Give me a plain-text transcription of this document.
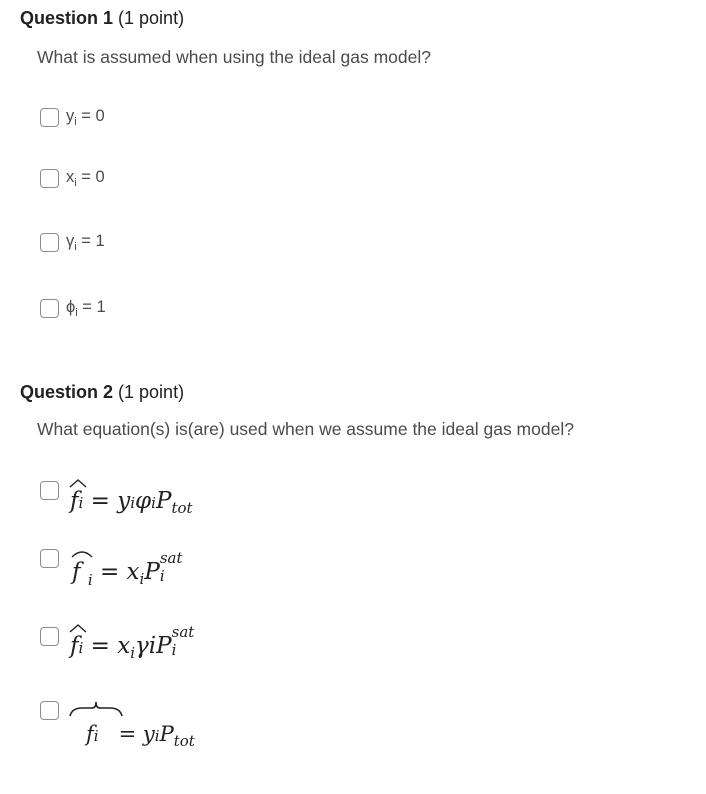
Question 1 (1 point)
What is assumed when using the ideal gas model?
$y_i = 0$
$x_i = 0$
$\gamma_i = 1$
$\phi_i = 1$
Question 2 (1 point)
What equation(s) is(are) used when we assume the ideal gas model?
fi = yiφiP$_{tot}$
f $_i = x_iP$
sat
i
fi = $x_i\gamma iP$
sat
i
fi = yiP$_{tot}$
